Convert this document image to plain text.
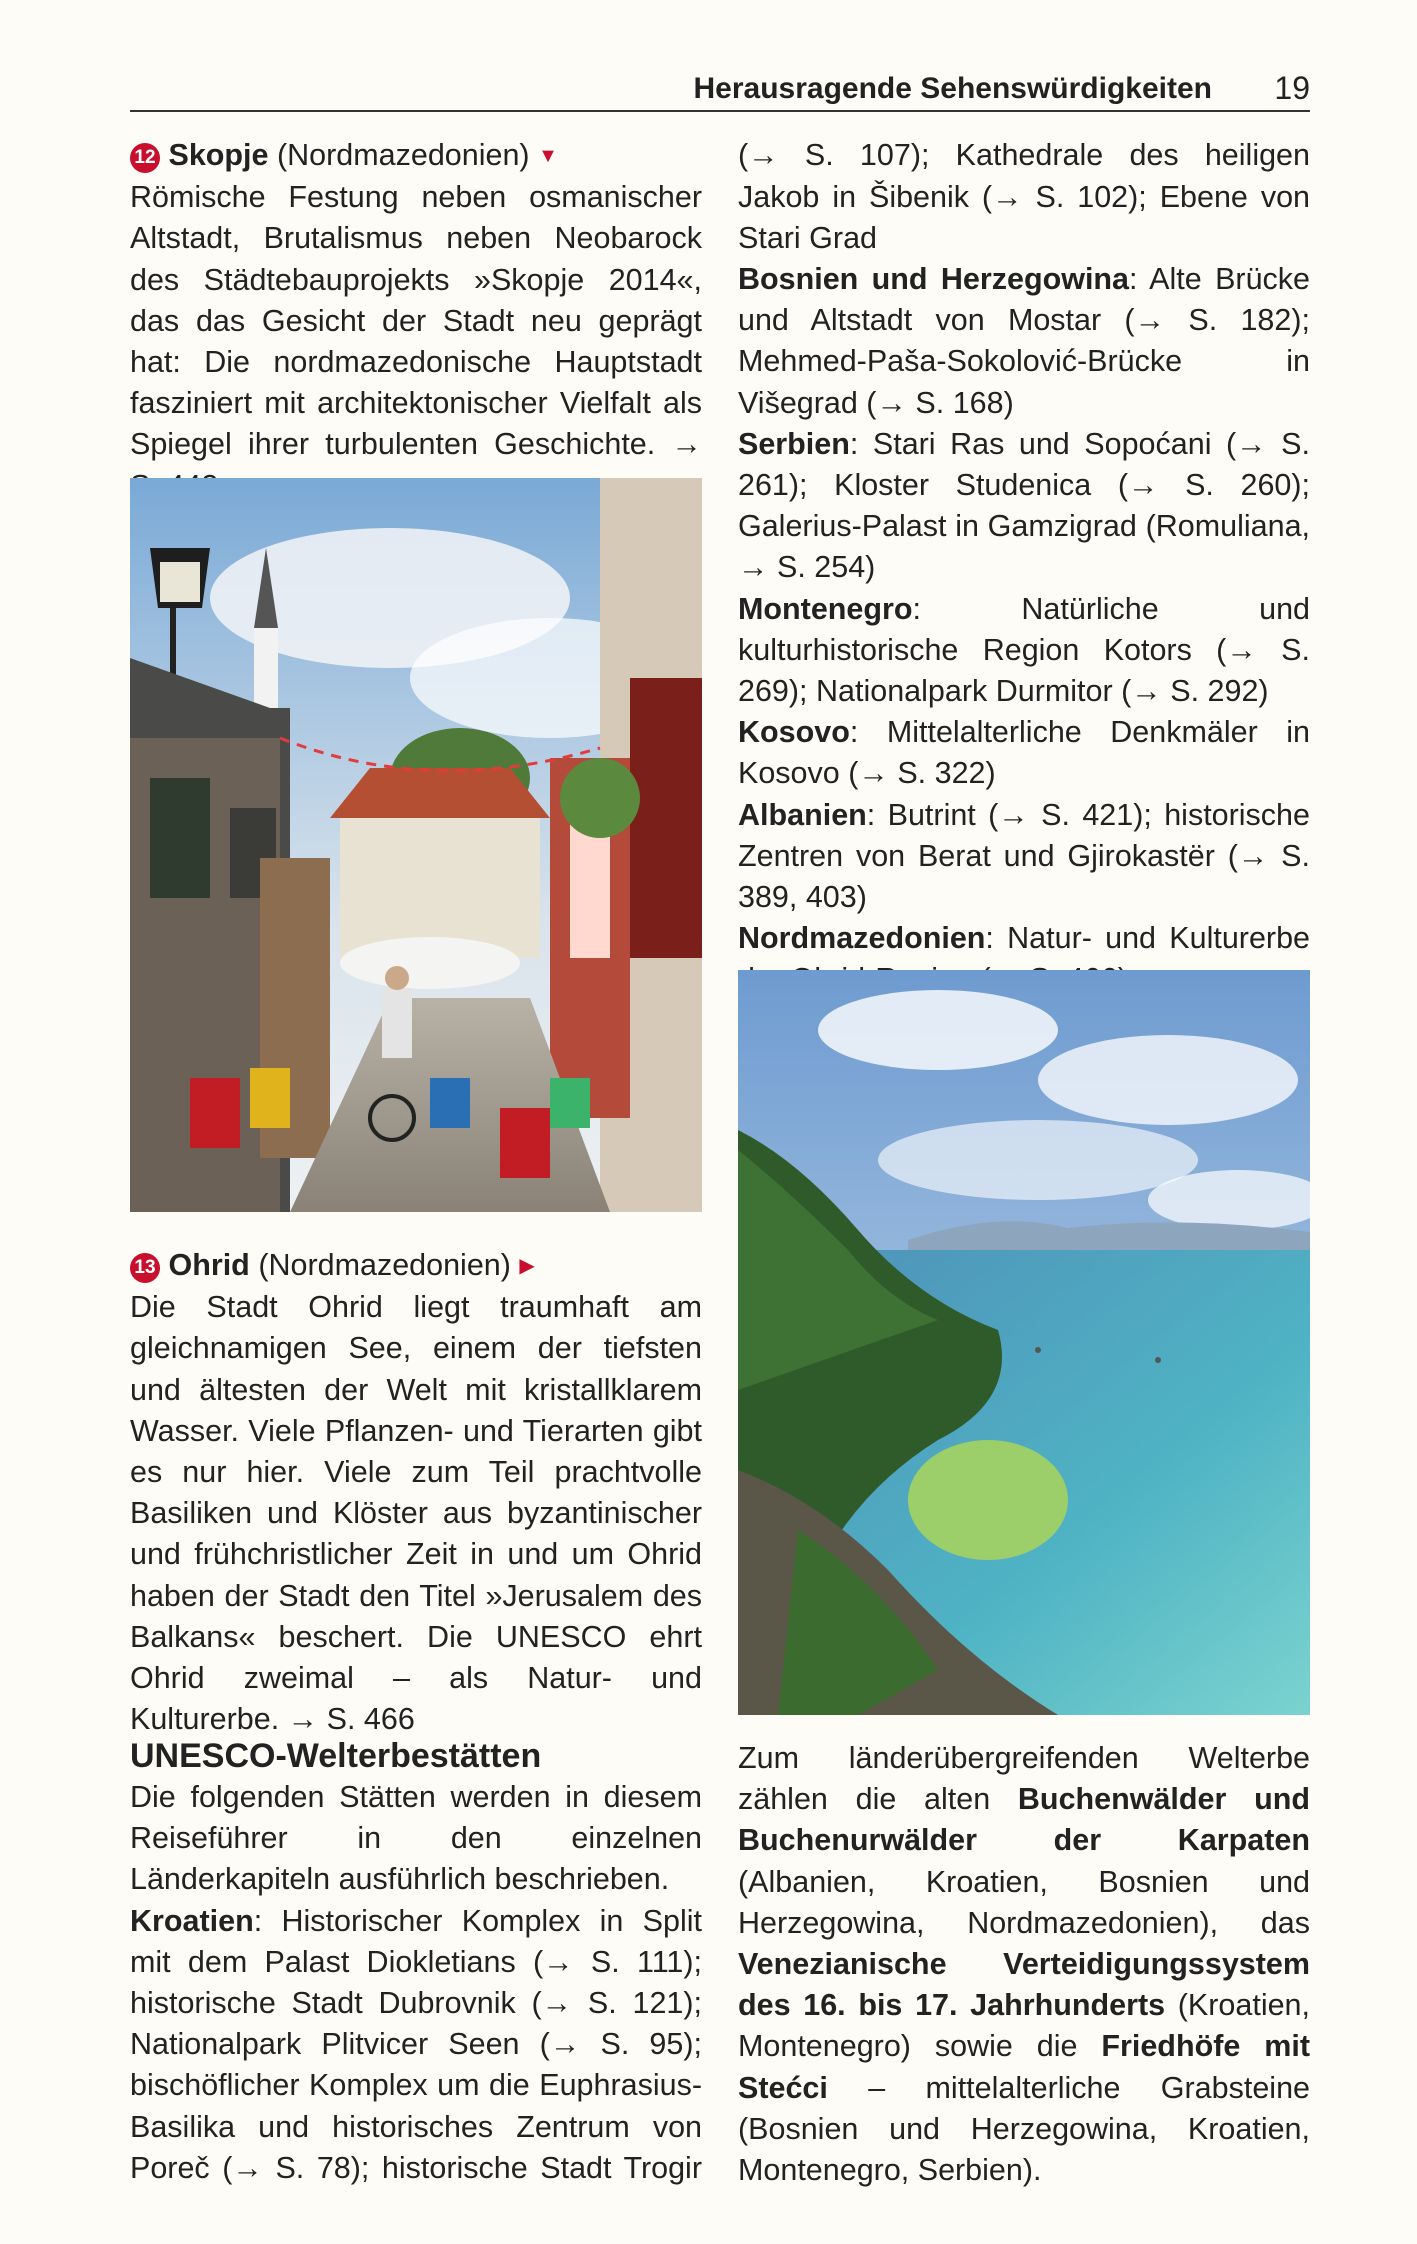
Herausragende Sehenswürdigkeiten 19

12 Skopje (Nordmazedonien) ▼

Römische Festung neben osmanischer Altstadt, Brutalismus neben Neobarock des Städtebauprojekts »Skopje 2014«, das das Gesicht der Stadt neu geprägt hat: Die nordmazedonische Hauptstadt fasziniert mit architektonischer Vielfalt als Spiegel ihrer turbulenten Geschichte. →

13 Ohrid (Nordmazedonien) ▶

Die Stadt Ohrid liegt traumhaft am gleichnamigen See, einem der tiefsten und ältesten der Welt mit kristallklarem Wasser. Viele Pflanzen- und Tierarten gibt es nur hier. Viele zum Teil prachtvolle Basiliken und Klöster aus byzantinischer und frühchristlicher Zeit in und um Ohrid haben der Stadt den Titel »Jerusalem des Balkans« beschert. Die UNESCO ehrt Ohrid zweimal – als Natur- und Kulturerbe. → S. 466

UNESCO-Welterbestätten

Die folgenden Stätten werden in diesem Reiseführer in den einzelnen Länderkapiteln ausführlich beschrieben.

Kroatien: Historischer Komplex in Split mit dem Palast Diokletians (→ S. 111); historische Stadt Dubrovnik (→ S. 121); Nationalpark Plitvicer Seen (→ S. 95); bischöflicher Komplex um die Euphrasius-Basilika und historisches Zentrum von Poreč (→ S. 78); historische Stadt Trogir

(→ S. 107); Kathedrale des heiligen Jakob in Šibenik (→ S. 102); Ebene von Stari Grad

Bosnien und Herzegowina: Alte Brücke und Altstadt von Mostar (→ S. 182); Mehmed-Paša-Sokolović-Brücke in Višegrad (→ S. 168)

Serbien: Stari Ras und Sopoćani (→ S. 261); Kloster Studenica (→ S. 260); Galerius-Palast in Gamzigrad (Romuliana, → S. 254)

Montenegro: Natürliche und kulturhistorische Region Kotors (→ S. 269); Nationalpark Durmitor (→ S. 292)

Kosovo: Mittelalterliche Denkmäler in Kosovo (→ S. 322)

Albanien: Butrint (→ S. 421); historische Zentren von Berat und Gjirokastër (→ S. 389, 403)

Nordmazedonien: Natur- und Kulturerbe

Zum länderübergreifenden Welterbe zählen die alten Buchenwälder und Buchenurwälder der Karpaten (Albanien, Kroatien, Bosnien und Herzegowina, Nordmazedonien), das Venezianische Verteidigungssystem des 16. bis 17. Jahrhunderts (Kroatien, Montenegro) sowie die Friedhöfe mit Stećci – mittelalterliche Grabsteine (Bosnien und Herzegowina, Kroatien, Montenegro, Serbien).
